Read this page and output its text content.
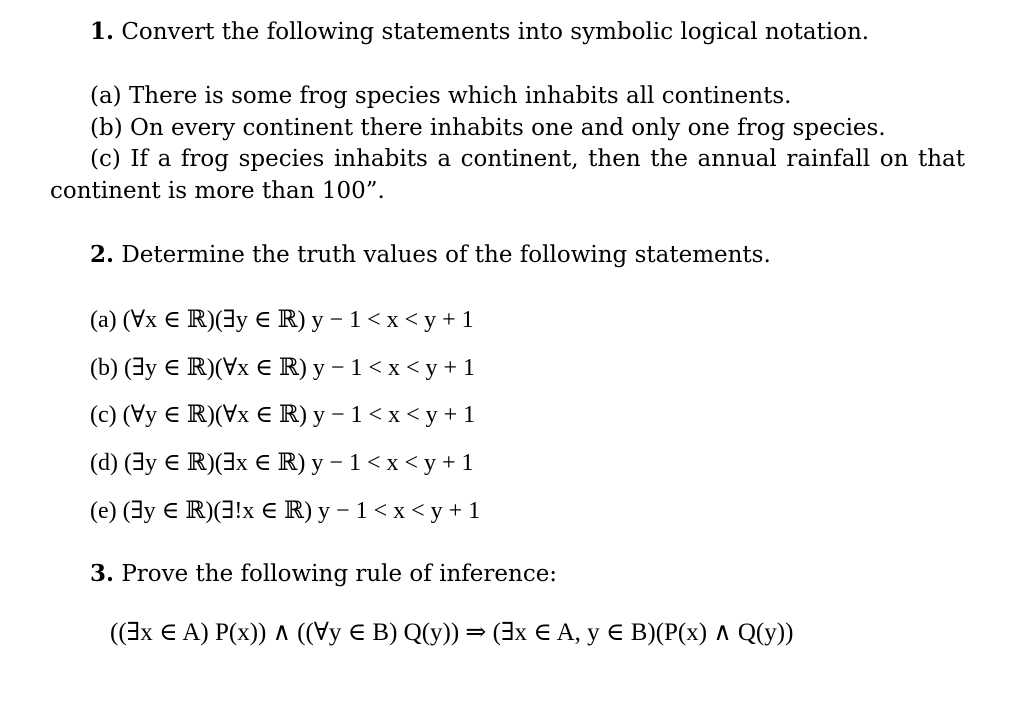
1. Convert the following statements into symbolic logical notation.
(a) There is some frog species which inhabits all continents.
(b) On every continent there inhabits one and only one frog species.
(c) If a frog species inhabits a continent, then the annual rainfall on that
continent is more than 100”.
2. Determine the truth values of the following statements.
(a) (∀x ∈ ℝ)(∃y ∈ ℝ) y − 1 < x < y + 1
(b) (∃y ∈ ℝ)(∀x ∈ ℝ) y − 1 < x < y + 1
(c) (∀y ∈ ℝ)(∀x ∈ ℝ) y − 1 < x < y + 1
(d) (∃y ∈ ℝ)(∃x ∈ ℝ) y − 1 < x < y + 1
(e) (∃y ∈ ℝ)(∃!x ∈ ℝ) y − 1 < x < y + 1
3. Prove the following rule of inference:
((∃x ∈ A) P(x)) ∧ ((∀y ∈ B) Q(y)) ⇒ (∃x ∈ A, y ∈ B)(P(x) ∧ Q(y))
